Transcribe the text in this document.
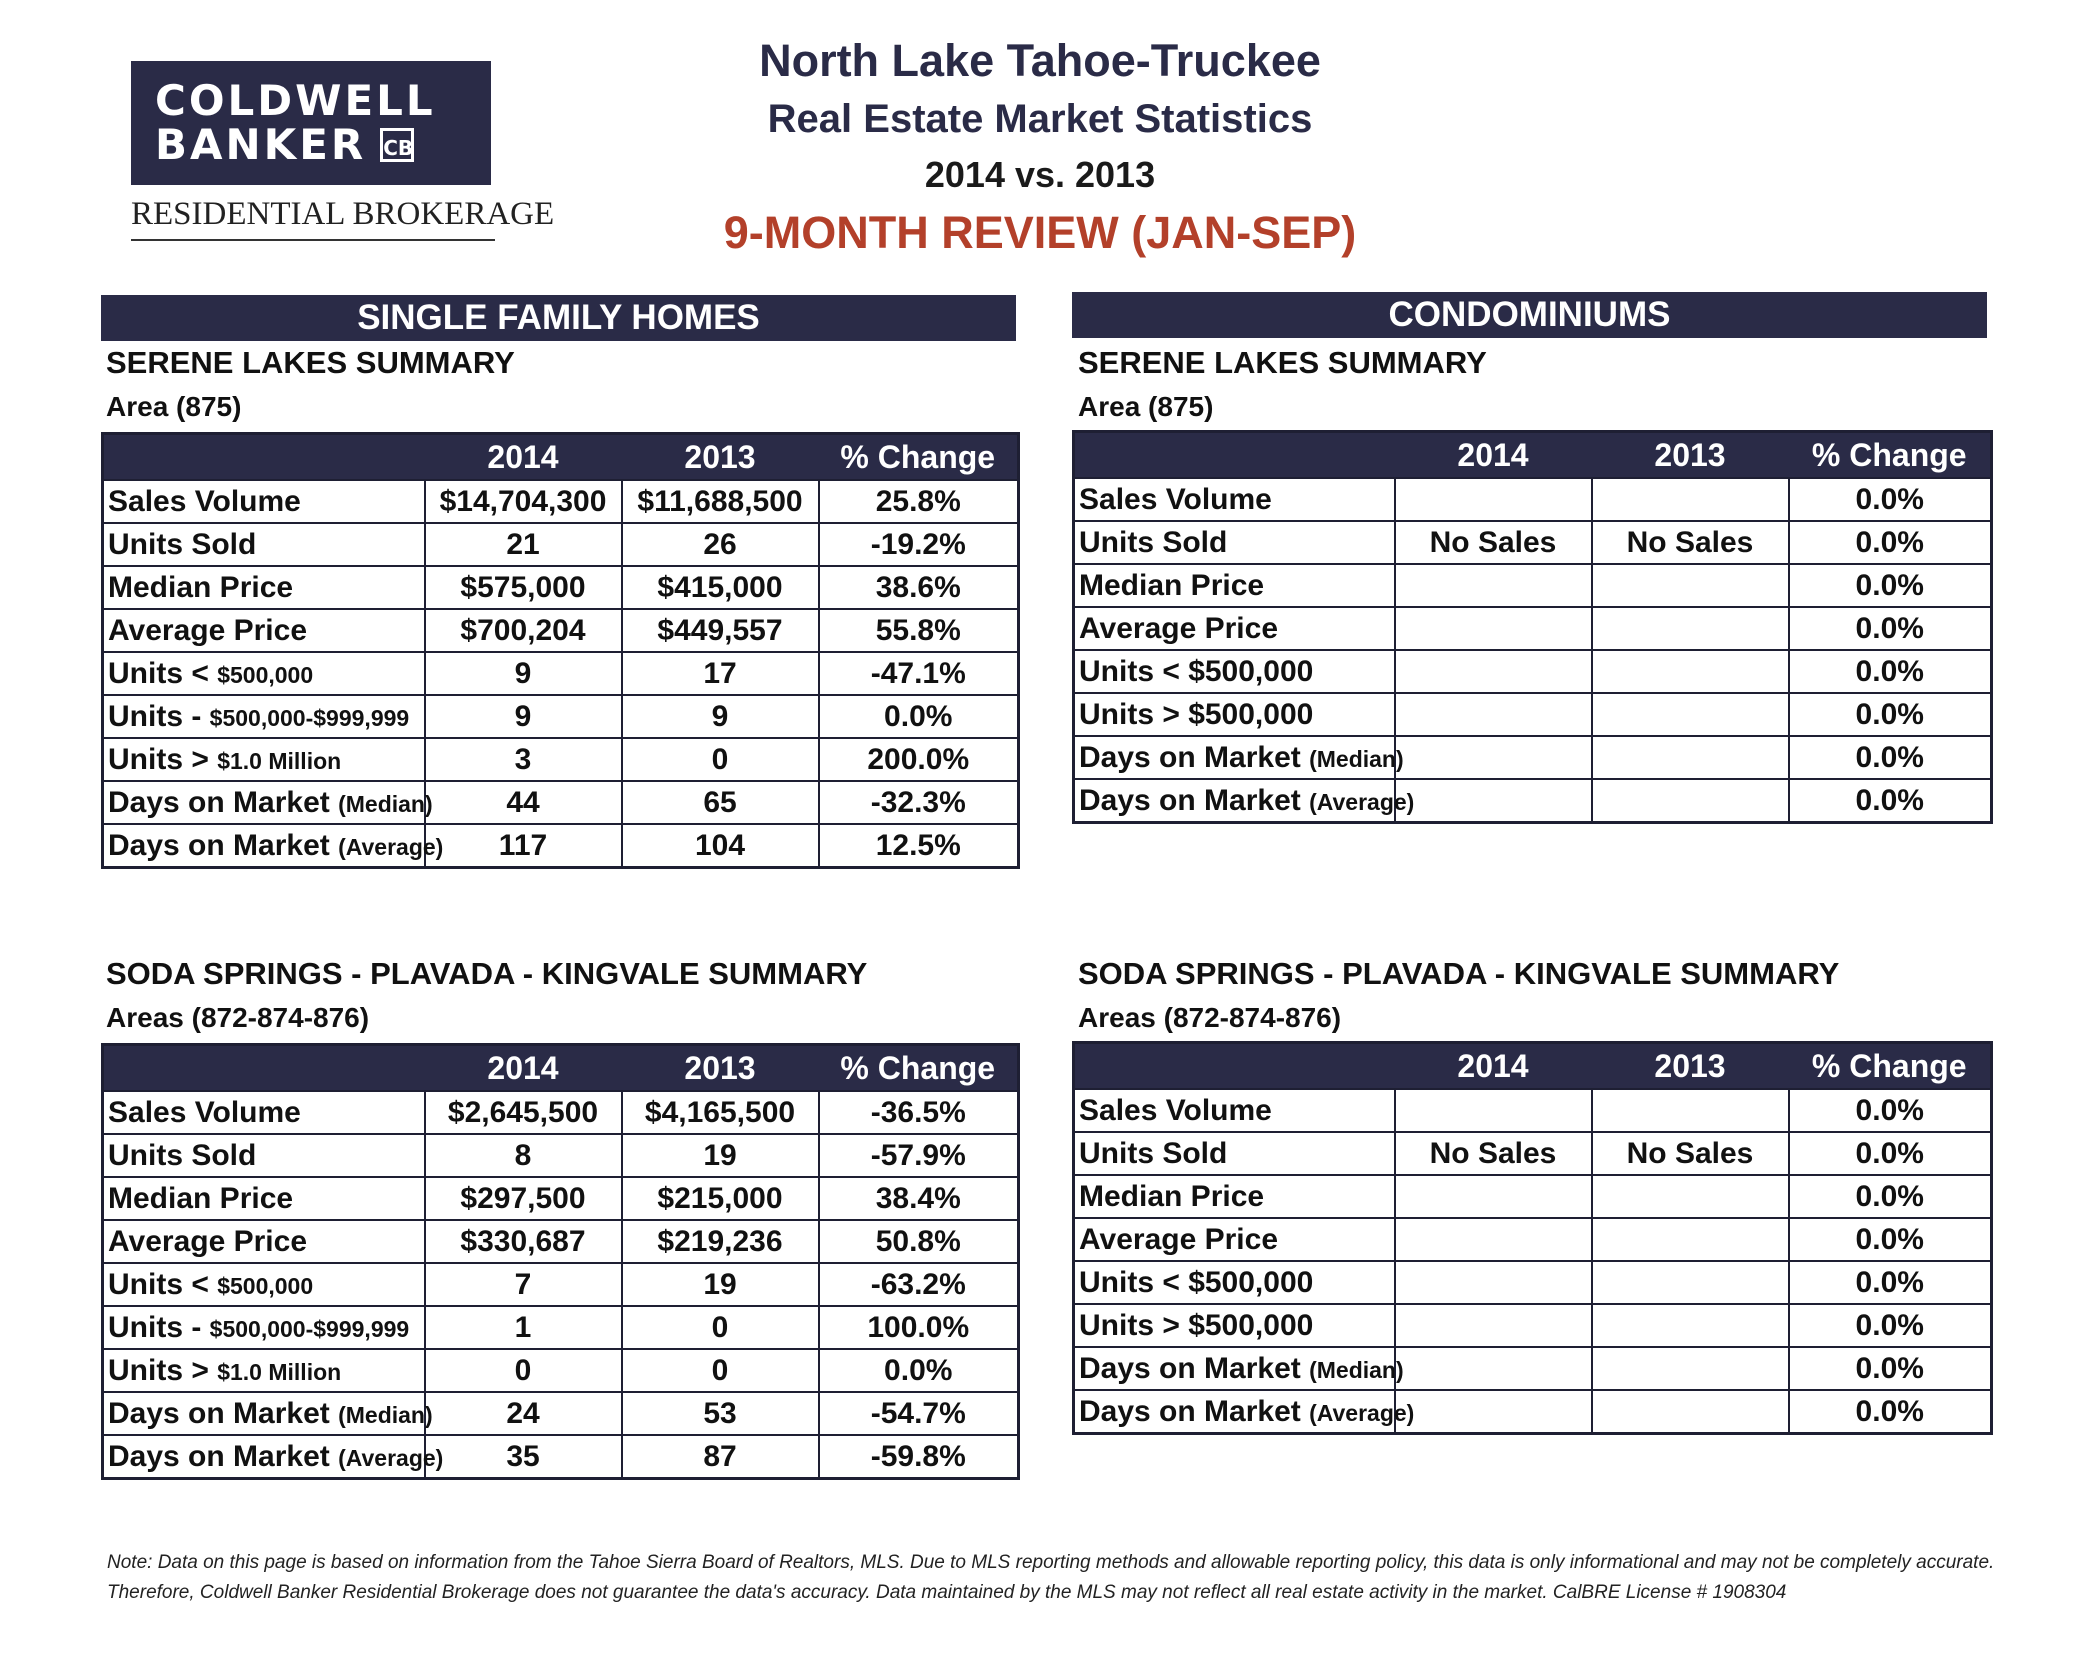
COLDWELL
BANKER CB
RESIDENTIAL BROKERAGE
North Lake Tahoe-Truckee
Real Estate Market Statistics
2014 vs. 2013
9-MONTH REVIEW (JAN-SEP)
SINGLE FAMILY HOMES	CONDOMINIUMS
SERENE LAKES SUMMARY
Area (875)
	2014	2013	% Change
Sales Volume	$14,704,300	$11,688,500	25.8%
Units Sold	21	26	-19.2%
Median Price	$575,000	$415,000	38.6%
Average Price	$700,204	$449,557	55.8%
Units < $500,000	9	17	-47.1%
Units - $500,000-$999,999	9	9	0.0%
Units > $1.0 Million	3	0	200.0%
Days on Market (Median)	44	65	-32.3%
Days on Market (Average)	117	104	12.5%
SERENE LAKES SUMMARY
Area (875)
	2014	2013	% Change
Sales Volume			0.0%
Units Sold	No Sales	No Sales	0.0%
Median Price			0.0%
Average Price			0.0%
Units < $500,000			0.0%
Units > $500,000			0.0%
Days on Market (Median)			0.0%
Days on Market (Average)			0.0%
SODA SPRINGS - PLAVADA - KINGVALE SUMMARY
Areas (872-874-876)
	2014	2013	% Change
Sales Volume	$2,645,500	$4,165,500	-36.5%
Units Sold	8	19	-57.9%
Median Price	$297,500	$215,000	38.4%
Average Price	$330,687	$219,236	50.8%
Units < $500,000	7	19	-63.2%
Units - $500,000-$999,999	1	0	100.0%
Units > $1.0 Million	0	0	0.0%
Days on Market (Median)	24	53	-54.7%
Days on Market (Average)	35	87	-59.8%
SODA SPRINGS - PLAVADA - KINGVALE SUMMARY
Areas (872-874-876)
	2014	2013	% Change
Sales Volume			0.0%
Units Sold	No Sales	No Sales	0.0%
Median Price			0.0%
Average Price			0.0%
Units < $500,000			0.0%
Units > $500,000			0.0%
Days on Market (Median)			0.0%
Days on Market (Average)			0.0%
Note: Data on this page is based on information from the Tahoe Sierra Board of Realtors, MLS. Due to MLS reporting methods and allowable reporting policy, this data is only informational and may not be completely accurate.
Therefore, Coldwell Banker Residential Brokerage does not guarantee the data's accuracy. Data maintained by the MLS may not reflect all real estate activity in the market. CalBRE License # 1908304
